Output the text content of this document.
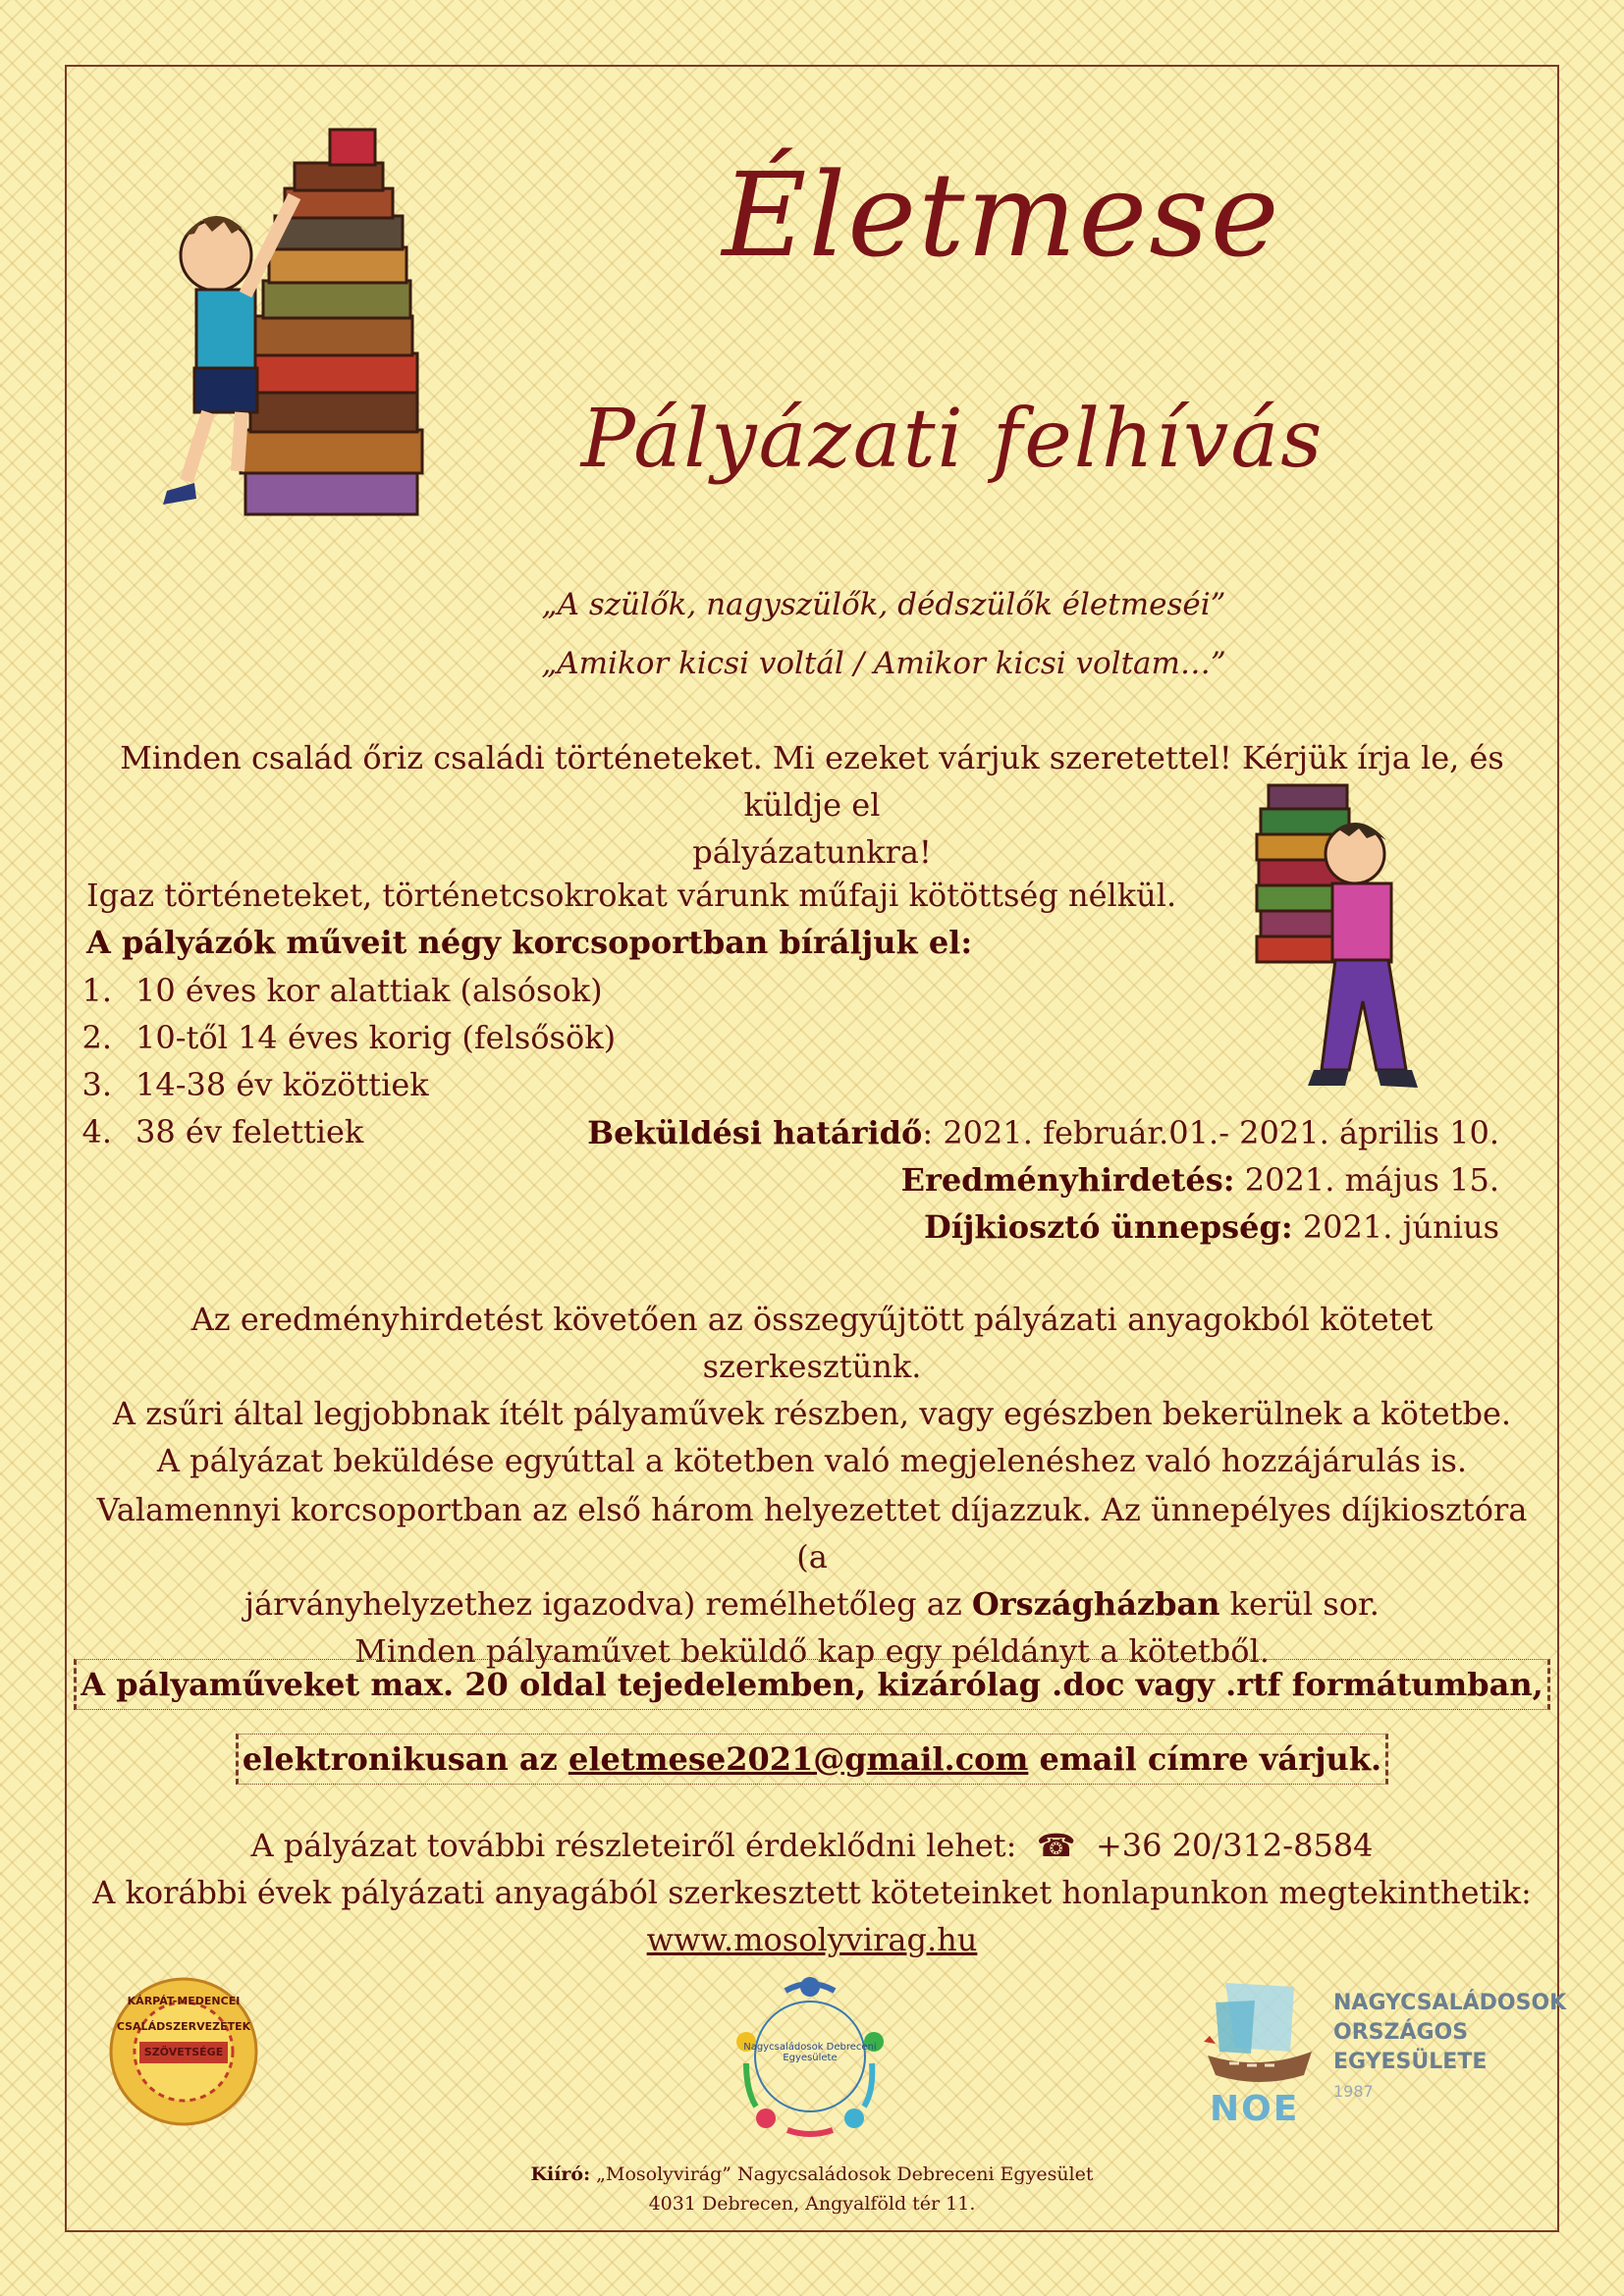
Életmese
Pályázati felhívás
„A szülők, nagyszülők, dédszülők életmeséi”
„Amikor kicsi voltál / Amikor kicsi voltam…”
Minden család őriz családi történeteket. Mi ezeket várjuk szeretettel! Kérjük írja le, és küldje el
pályázatunkra!
Igaz történeteket, történetcsokrokat várunk műfaji kötöttség nélkül.
A pályázók műveit négy korcsoportban bíráljuk el:
1. 10 éves kor alattiak (alsósok)
2. 10-től 14 éves korig (felsősök)
3. 14-38 év közöttiek
4. 38 év felettiek	Beküldési határidő: 2021. február.01.- 2021. április 10.
Eredményhirdetés: 2021. május 15.
Díjkiosztó ünnepség: 2021. június
Az eredményhirdetést követően az összegyűjtött pályázati anyagokból kötetet szerkesztünk.
A zsűri által legjobbnak ítélt pályaművek részben, vagy egészben bekerülnek a kötetbe.
A pályázat beküldése egyúttal a kötetben való megjelenéshez való hozzájárulás is.
Valamennyi korcsoportban az első három helyezettet díjazzuk. Az ünnepélyes díjkiosztóra (a
járványhelyzethez igazodva) remélhetőleg az Országházban kerül sor.
Minden pályaművet beküldő kap egy példányt a kötetből.
A pályaműveket max. 20 oldal tejedelemben, kizárólag .doc vagy .rtf formátumban,
elektronikusan az eletmese2021@gmail.com email címre várjuk.
A pályázat további részleteiről érdeklődni lehet: ☎ +36 20/312-8584
A korábbi évek pályázati anyagából szerkesztett köteteinket honlapunkon megtekinthetik:
www.mosolyvirag.hu
KÁRPÁT-MEDENCEI CSALÁDSZERVEZETEK SZÖVETSÉGE	Nagycsaládosok Debreceni Egyesülete
NOE
NAGYCSALÁDOSOK
ORSZÁGOS
EGYESÜLETE
1987
Kiíró: „Mosolyvirág” Nagycsaládosok Debreceni Egyesület
4031 Debrecen, Angyalföld tér 11.
